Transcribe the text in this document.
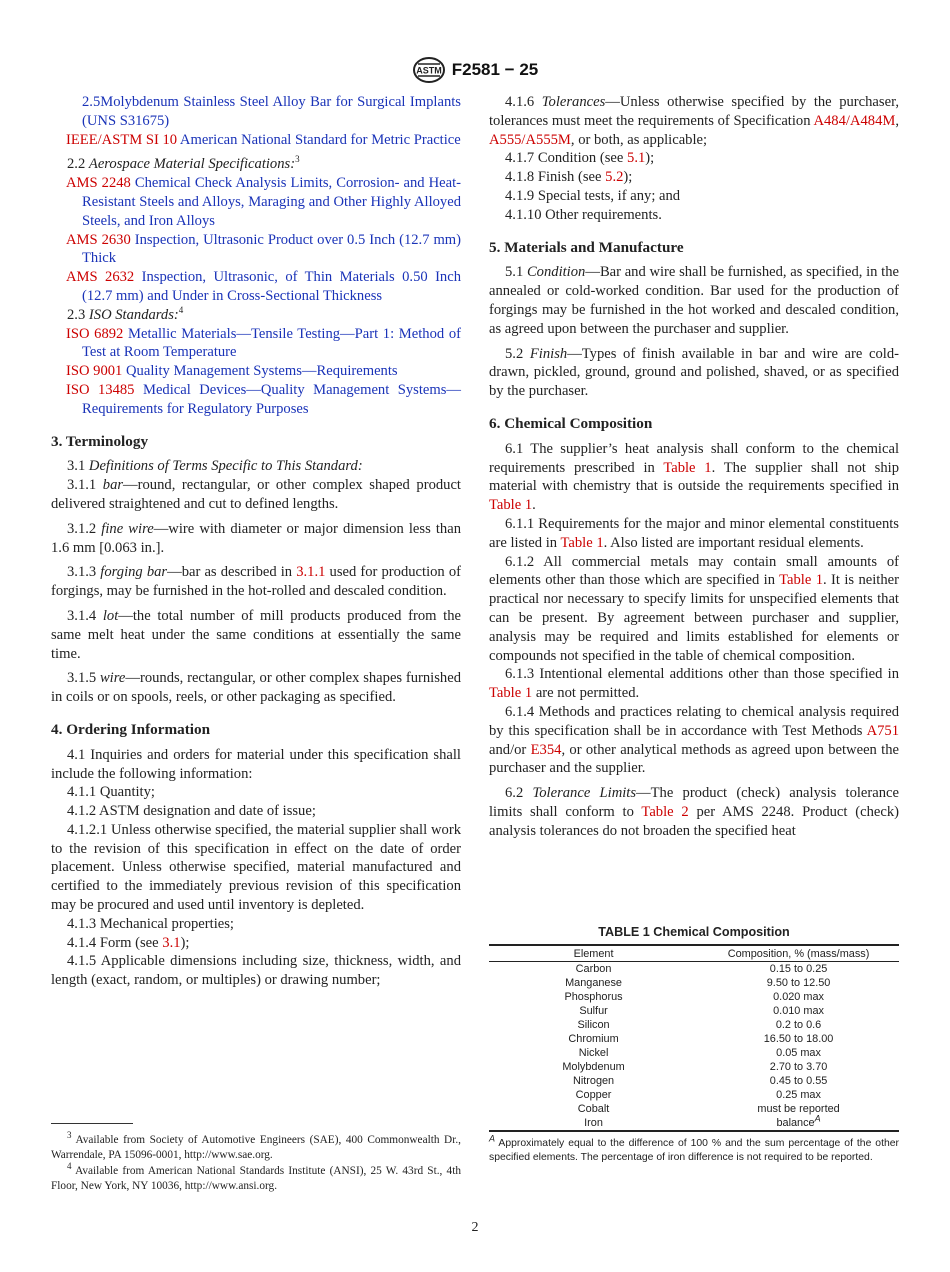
ASTM F2581 − 25

2.5Molybdenum Stainless Steel Alloy Bar for Surgical Implants (UNS S31675)

IEEE/ASTM SI 10 American National Standard for Metric Practice

2.2 Aerospace Material Specifications:$^3$

AMS 2248 Chemical Check Analysis Limits, Corrosion- and Heat-Resistant Steels and Alloys, Maraging and Other Highly Alloyed Steels, and Iron Alloys

AMS 2630 Inspection, Ultrasonic Product over 0.5 Inch (12.7 mm) Thick

AMS 2632 Inspection, Ultrasonic, of Thin Materials 0.50 Inch (12.7 mm) and Under in Cross-Sectional Thickness

2.3 ISO Standards:$^4$

ISO 6892 Metallic Materials—Tensile Testing—Part 1: Method of Test at Room Temperature

ISO 9001 Quality Management Systems—Requirements

ISO 13485 Medical Devices—Quality Management Systems—Requirements for Regulatory Purposes

3. Terminology

3.1 Definitions of Terms Specific to This Standard:

3.1.1 bar—round, rectangular, or other complex shaped product delivered straightened and cut to defined lengths.

3.1.2 fine wire—wire with diameter or major dimension less than 1.6 mm [0.063 in.].

3.1.3 forging bar—bar as described in 3.1.1 used for production of forgings, may be furnished in the hot-rolled and descaled condition.

3.1.4 lot—the total number of mill products produced from the same melt heat under the same conditions at essentially the same time.

3.1.5 wire—rounds, rectangular, or other complex shapes furnished in coils or on spools, reels, or other packaging as specified.

4. Ordering Information

4.1 Inquiries and orders for material under this specification shall include the following information:

4.1.1 Quantity;

4.1.2 ASTM designation and date of issue;

4.1.2.1 Unless otherwise specified, the material supplier shall work to the revision of this specification in effect on the date of order placement. Unless otherwise specified, material manufactured and certified to the immediately previous revision of this specification may be procured and used until inventory is depleted.

4.1.3 Mechanical properties;

4.1.4 Form (see 3.1);

4.1.5 Applicable dimensions including size, thickness, width, and length (exact, random, or multiples) or drawing number;

4.1.6 Tolerances—Unless otherwise specified by the purchaser, tolerances must meet the requirements of Specification A484/A484M, A555/A555M, or both, as applicable;

4.1.7 Condition (see 5.1);

4.1.8 Finish (see 5.2);

4.1.9 Special tests, if any; and

4.1.10 Other requirements.

5. Materials and Manufacture

5.1 Condition—Bar and wire shall be furnished, as specified, in the annealed or cold-worked condition. Bar used for the production of forgings may be furnished in the hot worked and descaled condition, as agreed upon between the purchaser and supplier.

5.2 Finish—Types of finish available in bar and wire are cold-drawn, pickled, ground, ground and polished, shaved, or as specified by the purchaser.

6. Chemical Composition

6.1 The supplier’s heat analysis shall conform to the chemical requirements prescribed in Table 1. The supplier shall not ship material with chemistry that is outside the requirements specified in Table 1.

6.1.1 Requirements for the major and minor elemental constituents are listed in Table 1. Also listed are important residual elements.

6.1.2 All commercial metals may contain small amounts of elements other than those which are specified in Table 1. It is neither practical nor necessary to specify limits for unspecified elements that can be present. By agreement between purchaser and supplier, analysis may be required and limits established for elements or compounds not specified in the table of chemical composition.

6.1.3 Intentional elemental additions other than those specified in Table 1 are not permitted.

6.1.4 Methods and practices relating to chemical analysis required by this specification shall be in accordance with Test Methods A751 and/or E354, or other analytical methods as agreed upon between the purchaser and the supplier.

6.2 Tolerance Limits—The product (check) analysis tolerance limits shall conform to Table 2 per AMS 2248. Product (check) analysis tolerances do not broaden the specified heat

TABLE 1 Chemical Composition
Element	Composition, % (mass/mass)
Carbon	0.15 to 0.25
Manganese	9.50 to 12.50
Phosphorus	0.020 max
Sulfur	0.010 max
Silicon	0.2 to 0.6
Chromium	16.50 to 18.00
Nickel	0.05 max
Molybdenum	2.70 to 3.70
Nitrogen	0.45 to 0.55
Copper	0.25 max
Cobalt	must be reported
Iron	balance$^A$

$^A$ Approximately equal to the difference of 100 % and the sum percentage of the other specified elements. The percentage of iron difference is not required to be reported.

$^3$ Available from Society of Automotive Engineers (SAE), 400 Commonwealth Dr., Warrendale, PA 15096-0001, http://www.sae.org.

$^4$ Available from American National Standards Institute (ANSI), 25 W. 43rd St., 4th Floor, New York, NY 10036, http://www.ansi.org.

2
